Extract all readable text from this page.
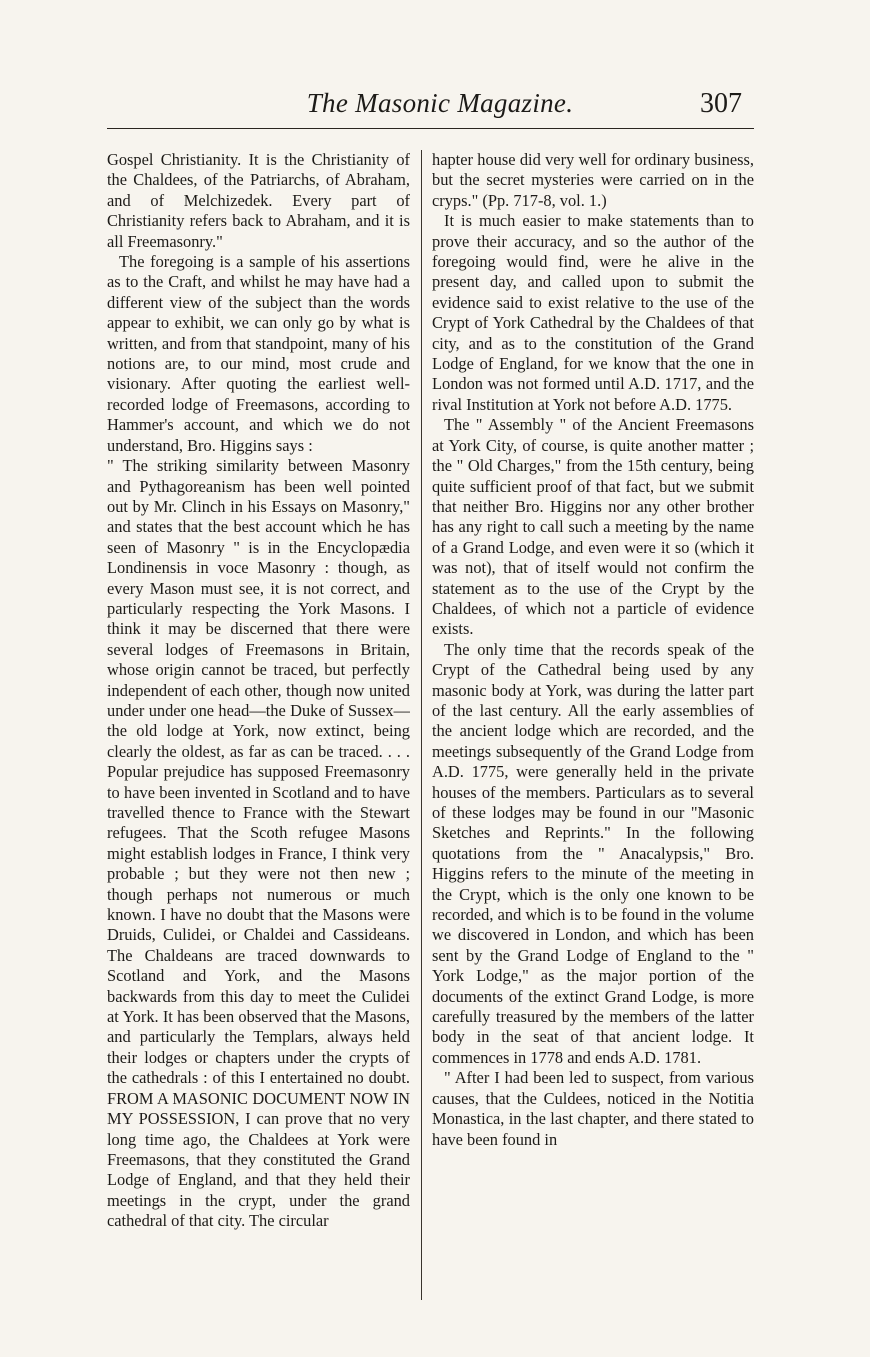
The Masonic Magazine.	307

Gospel Christianity. It is the Christianity of the Chaldees, of the Patriarchs, of Abraham, and of Melchizedek. Every part of Christianity refers back to Abraham, and it is all Freemasonry."

The foregoing is a sample of his assertions as to the Craft, and whilst he may have had a different view of the subject than the words appear to exhibit, we can only go by what is written, and from that standpoint, many of his notions are, to our mind, most crude and visionary. After quoting the earliest well-recorded lodge of Freemasons, according to Hammer's account, and which we do not understand, Bro. Higgins says :

" The striking similarity between Masonry and Pythagoreanism has been well pointed out by Mr. Clinch in his Essays on Masonry," and states that the best account which he has seen of Masonry " is in the Encyclopædia Londinensis in voce Masonry : though, as every Mason must see, it is not correct, and particularly respecting the York Masons. I think it may be discerned that there were several lodges of Freemasons in Britain, whose origin cannot be traced, but perfectly independent of each other, though now united under under one head—the Duke of Sussex—the old lodge at York, now extinct, being clearly the oldest, as far as can be traced. . . . Popular prejudice has supposed Freemasonry to have been invented in Scotland and to have travelled thence to France with the Stewart refugees. That the Scoth refugee Masons might establish lodges in France, I think very probable ; but they were not then new ; though perhaps not numerous or much known. I have no doubt that the Masons were Druids, Culidei, or Chaldei and Cassideans. The Chaldeans are traced downwards to Scotland and York, and the Masons backwards from this day to meet the Culidei at York. It has been observed that the Masons, and particularly the Templars, always held their lodges or chapters under the crypts of the cathedrals : of this I entertained no doubt. FROM A MASONIC DOCUMENT NOW IN MY POSSESSION, I can prove that no very long time ago, the Chaldees at York were Freemasons, that they constituted the Grand Lodge of England, and that they held their meetings in the crypt, under the grand cathedral of that city. The circular

hapter house did very well for ordinary business, but the secret mysteries were carried on in the cryps." (Pp. 717-8, vol. 1.)

It is much easier to make statements than to prove their accuracy, and so the author of the foregoing would find, were he alive in the present day, and called upon to submit the evidence said to exist relative to the use of the Crypt of York Cathedral by the Chaldees of that city, and as to the constitution of the Grand Lodge of England, for we know that the one in London was not formed until A.D. 1717, and the rival Institution at York not before A.D. 1775.

The " Assembly " of the Ancient Freemasons at York City, of course, is quite another matter ; the " Old Charges," from the 15th century, being quite sufficient proof of that fact, but we submit that neither Bro. Higgins nor any other brother has any right to call such a meeting by the name of a Grand Lodge, and even were it so (which it was not), that of itself would not confirm the statement as to the use of the Crypt by the Chaldees, of which not a particle of evidence exists.

The only time that the records speak of the Crypt of the Cathedral being used by any masonic body at York, was during the latter part of the last century. All the early assemblies of the ancient lodge which are recorded, and the meetings subsequently of the Grand Lodge from A.D. 1775, were generally held in the private houses of the members. Particulars as to several of these lodges may be found in our "Masonic Sketches and Reprints." In the following quotations from the " Anacalypsis," Bro. Higgins refers to the minute of the meeting in the Crypt, which is the only one known to be recorded, and which is to be found in the volume we discovered in London, and which has been sent by the Grand Lodge of England to the " York Lodge," as the major portion of the documents of the extinct Grand Lodge, is more carefully treasured by the members of the latter body in the seat of that ancient lodge. It commences in 1778 and ends A.D. 1781.

" After I had been led to suspect, from various causes, that the Culdees, noticed in the Notitia Monastica, in the last chapter, and there stated to have been found in
